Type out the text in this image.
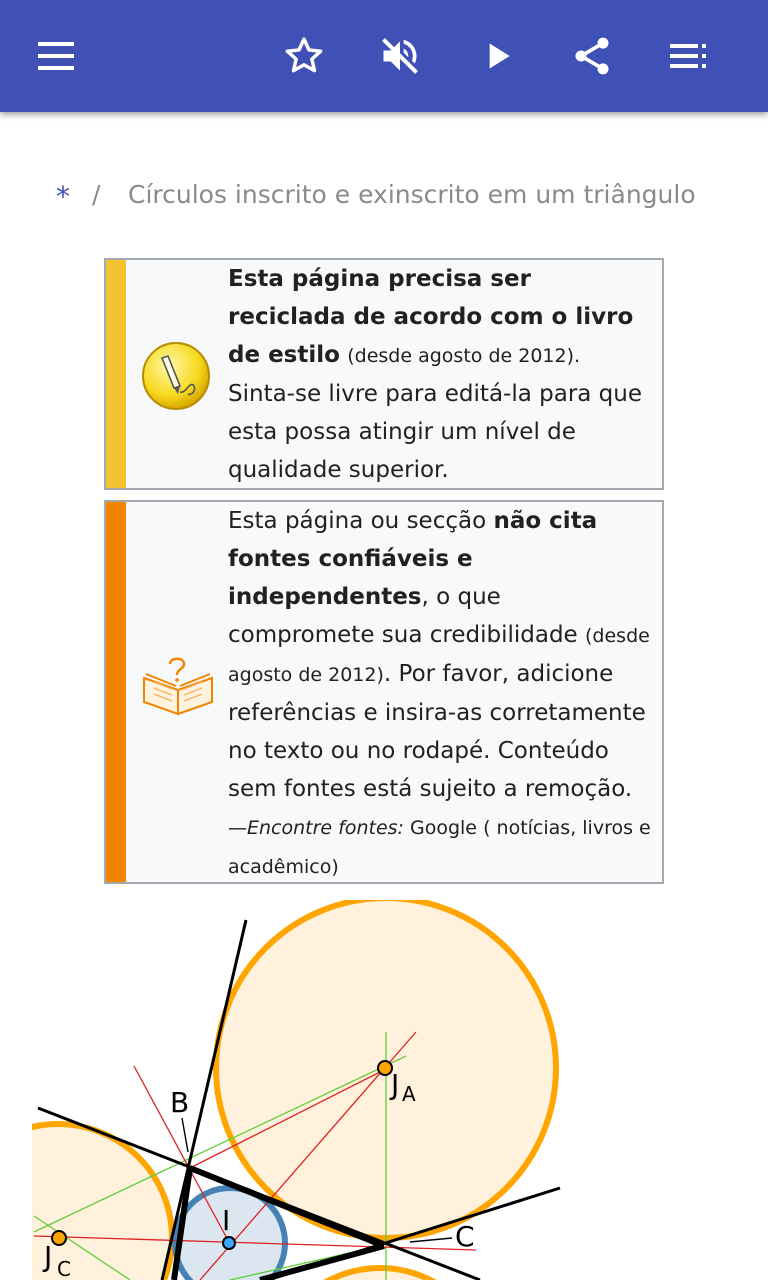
* / Círculos inscrito e exinscrito em um triângulo
Esta página precisa ser reciclada de acordo com o livro de estilo (desde agosto de 2012).
Sinta-se livre para editá-la para que esta possa atingir um nível de qualidade superior.
Esta página ou secção não cita fontes confiáveis e independentes, o que compromete sua credibilidade (desde agosto de 2012). Por favor, adicione referências e insira-as corretamente no texto ou no rodapé. Conteúdo sem fontes está sujeito a remoção.
—Encontre fontes: Google ( notícias, livros e acadêmico)
B
C
I
J A
J C
